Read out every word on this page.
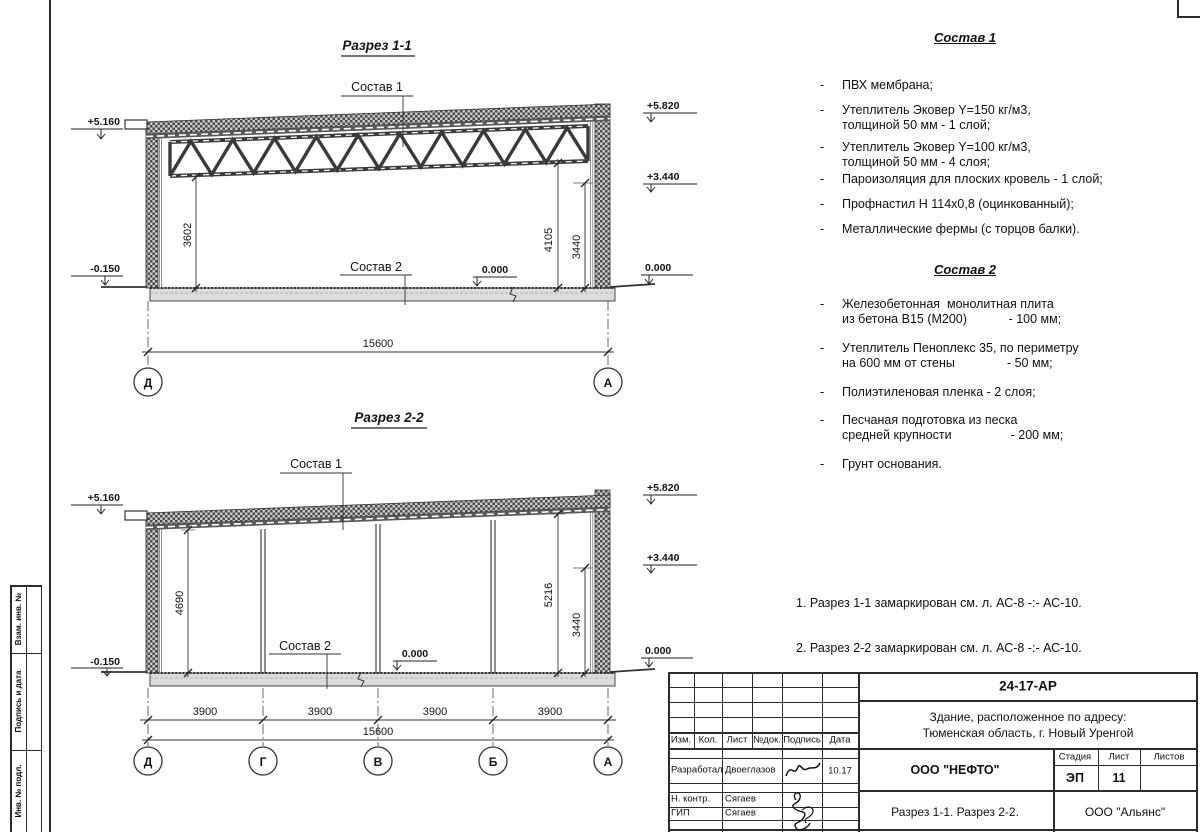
Взам. инв. №
Подпись и дата
Инв. № подл.
Разрез 1-1
Состав 1
Состав 2
+5.160
-0.150
+5.820
+3.440
0.000
0.000
3602	4105 3440
15600
Д	А
Разрез 2-2
Состав 1
Состав 2
+5.160
-0.150
+5.820
+3.440
0.000
0.000
4690	5216
3440
3900	3900	3900	3900
15600
Д	Г	В	Б	А
Состав 1
- ПВХ мембрана;
- Утеплитель Эковер Y=150 кг/м3,
толщиной 50 мм - 1 слой;
- Утеплитель Эковер Y=100 кг/м3,
толщиной 50 мм - 4 слоя;
- Пароизоляция для плоских кровель - 1 слой;
- Профнастил Н 114х0,8 (оцинкованный);
- Металлические фермы (с торцов балки).
Состав 2
- Железобетонная  монолитная плита
из бетона В15 (М200)            - 100 мм;
- Утеплитель Пеноплекс 35, по периметру
на 600 мм от стены               - 50 мм;
- Полиэтиленовая пленка - 2 слоя;
- Песчаная подготовка из песка
средней крупности                 - 200 мм;
- Грунт основания.

1. Разрез 1-1 замаркирован см. л. АС-8 -:- АС-10.

2. Разрез 2-2 замаркирован см. л. АС-8 -:- АС-10.

Изм. Кол. Лист №док. Подпись Дата
Разработал Двоеглазов	10.17
Н. контр. Сягаев
ГИП	Сягаев
24-17-АР
Здание, расположенное по адресу:
Тюменская область, г. Новый Уренгой
ООО "НЕФТО"
Стадия Лист	Листов
ЭП 11
Разрез 1-1. Разрез 2-2.	ООО "Альянс"
